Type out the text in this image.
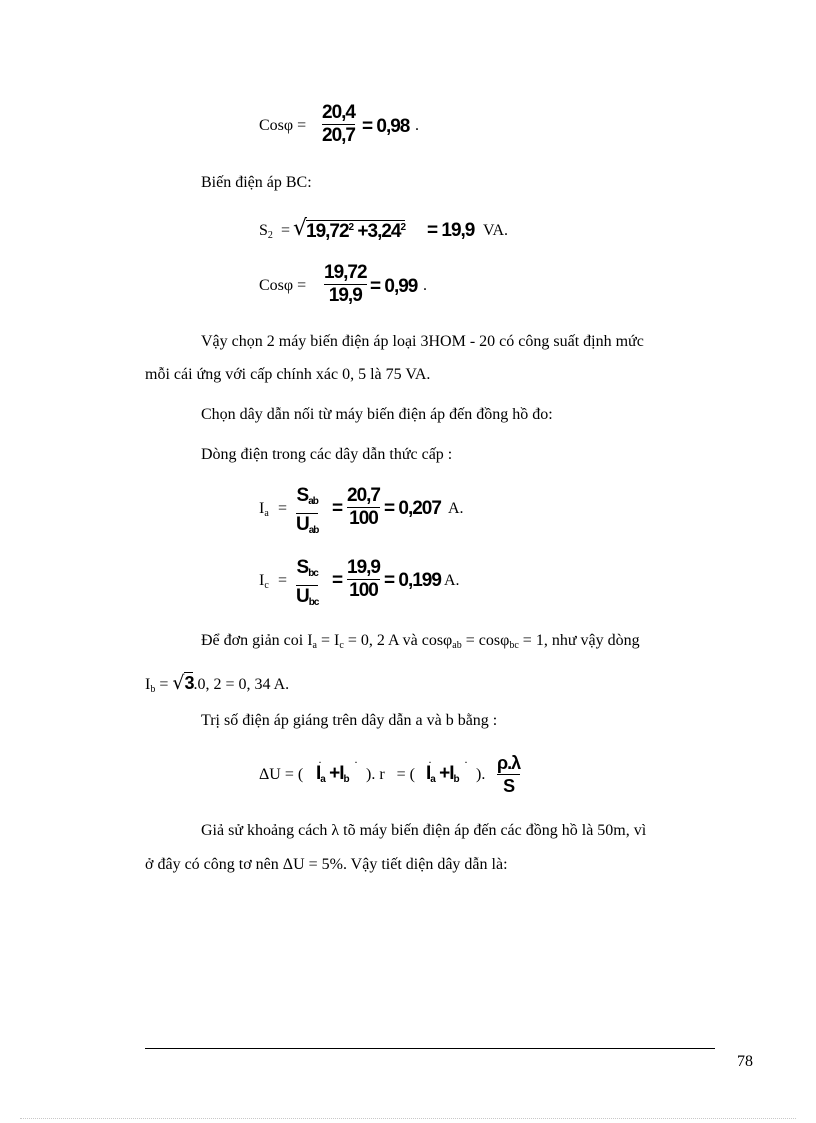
Cosφ =
20,4
20,7 = 0,98 .
Biến điện áp BC:
$S_2$ = √
$19,72^2 +3,24^2 = 19,9$ VA.
Cosφ =
19,72
19,9 = 0,99 .
Vậy chọn 2 máy biến điện áp loại 3HOM - 20 có công suất định mức
mỗi cái ứng với cấp chính xác 0, 5 là 75 VA.
Chọn dây dẫn nối từ máy biến điện áp đến đồng hồ đo:
Dòng điện trong các dây dẫn thức cấp :
$I_a$ =
$S_{ab}$
$U_{ab}$
=
20,7
100 = 0,207 A.
$I_c$ =
$S_{bc}$
$U_{bc}$
=
19,9
100 = 0,199 A.
Để đơn giản coi $I_a = I_c = 0$, 2 A và cosφ$_{ab}$ = cosφ$_{bc}$ = 1, như vậy dòng
$I_b = √3.0$, 2 = 0, 34 A.
Trị số điện áp giáng trên dây dẫn a và b bằng :
ΔU = ( $I_a +I_b$
·	·
). r   = ( $I_a +I_b$
·	·
).
ρ.λ
S
Giả sử khoảng cách λ tõ máy biến điện áp đến các đồng hồ là 50m, vì
ở đây có công tơ nên ΔU = 5%. Vậy tiết diện dây dẫn là:
78
